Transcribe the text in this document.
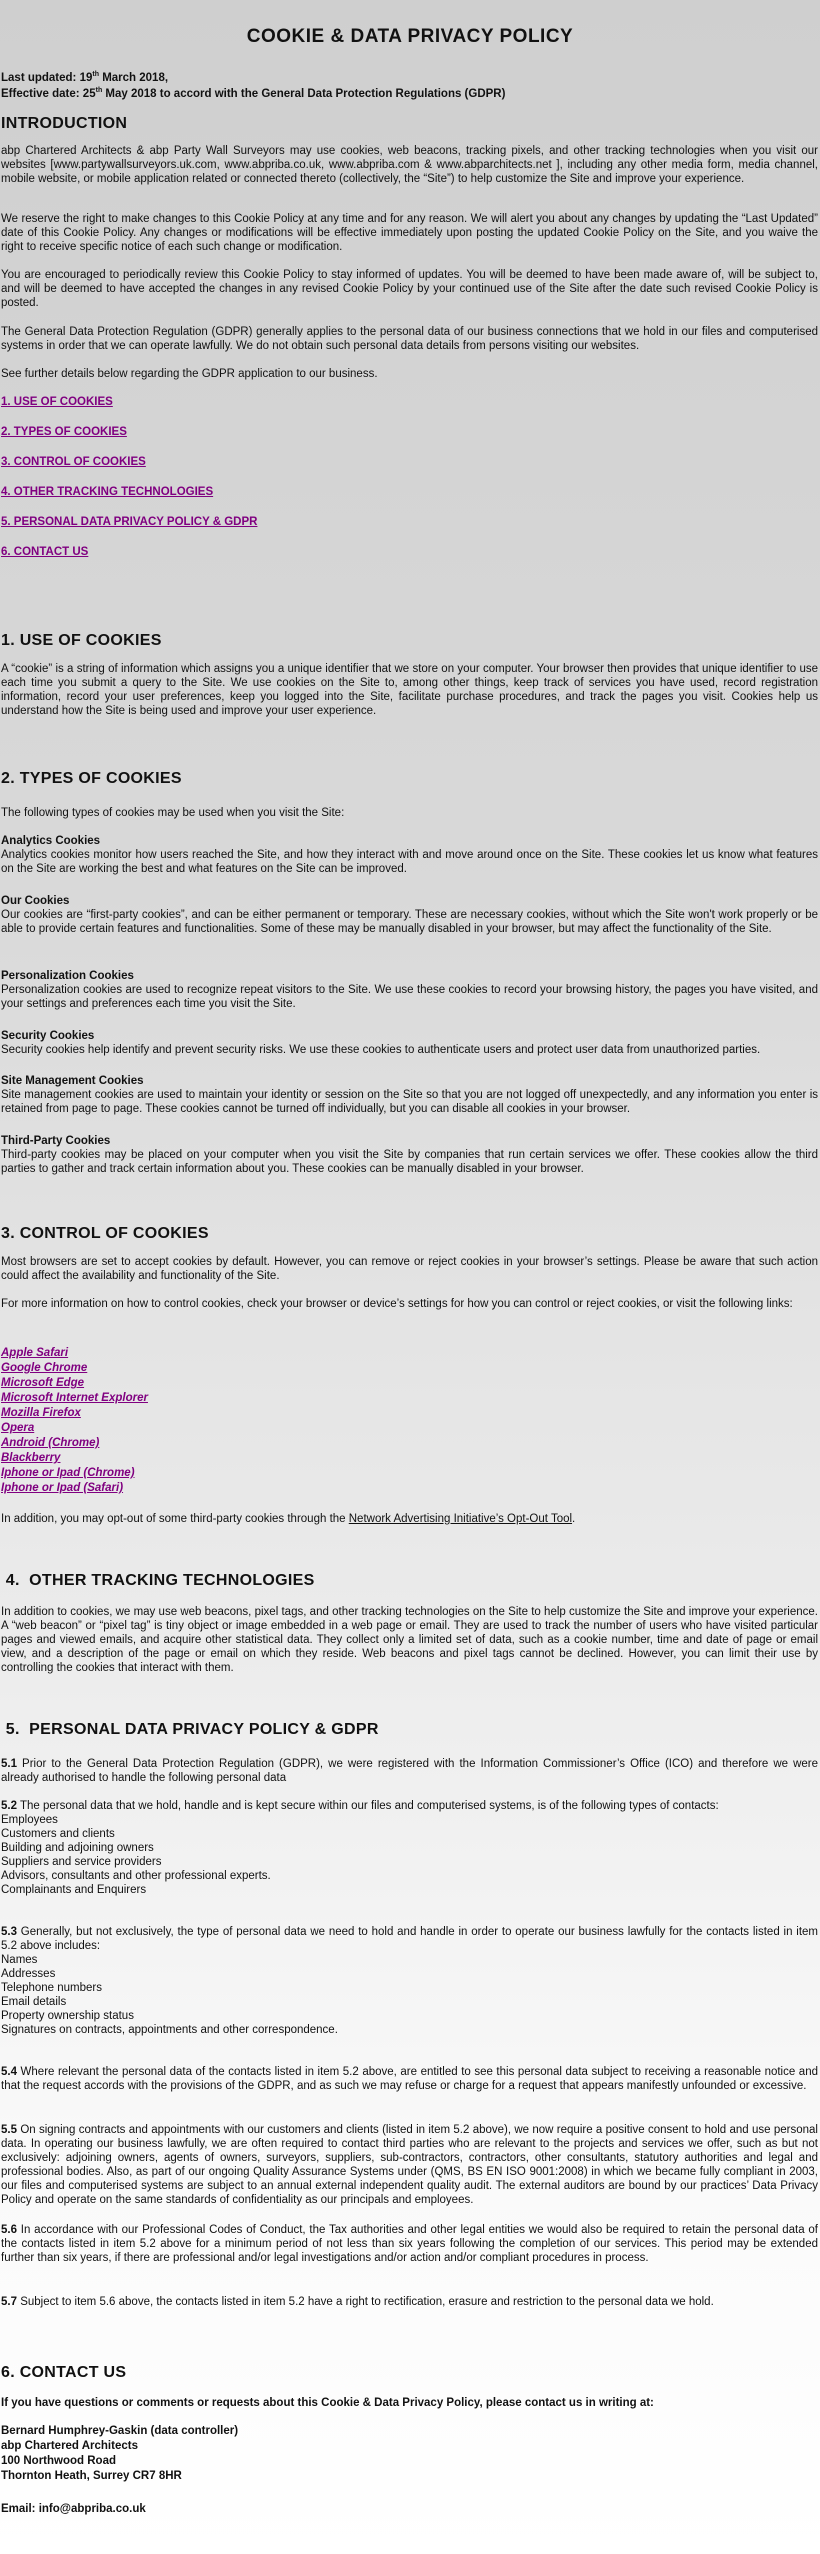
COOKIE & DATA PRIVACY POLICY
Last updated: 19th March 2018,
Effective date: 25th May 2018 to accord with the General Data Protection Regulations (GDPR)
INTRODUCTION

abp Chartered Architects & abp Party Wall Surveyors may use cookies, web beacons, tracking pixels, and other tracking technologies when you visit our websites [www.partywallsurveyors.uk.com, www.abpriba.co.uk, www.abpriba.com & www.abparchitects.net ], including any other media form, media channel, mobile website, or mobile application related or connected thereto (collectively, the “Site”) to help customize the Site and improve your experience.

We reserve the right to make changes to this Cookie Policy at any time and for any reason. We will alert you about any changes by updating the “Last Updated” date of this Cookie Policy. Any changes or modifications will be effective immediately upon posting the updated Cookie Policy on the Site, and you waive the right to receive specific notice of each such change or modification.

You are encouraged to periodically review this Cookie Policy to stay informed of updates. You will be deemed to have been made aware of, will be subject to, and will be deemed to have accepted the changes in any revised Cookie Policy by your continued use of the Site after the date such revised Cookie Policy is posted.

The General Data Protection Regulation (GDPR) generally applies to the personal data of our business connections that we hold in our files and computerised systems in order that we can operate lawfully. We do not obtain such personal data details from persons visiting our websites.

See further details below regarding the GDPR application to our business.

1. USE OF COOKIES
2. TYPES OF COOKIES
3. CONTROL OF COOKIES
4. OTHER TRACKING TECHNOLOGIES
5. PERSONAL DATA PRIVACY POLICY & GDPR
6. CONTACT US
1. USE OF COOKIES

A “cookie” is a string of information which assigns you a unique identifier that we store on your computer. Your browser then provides that unique identifier to use each time you submit a query to the Site. We use cookies on the Site to, among other things, keep track of services you have used, record registration information, record your user preferences, keep you logged into the Site, facilitate purchase procedures, and track the pages you visit. Cookies help us understand how the Site is being used and improve your user experience.

2. TYPES OF COOKIES

The following types of cookies may be used when you visit the Site:

Analytics Cookies

Analytics cookies monitor how users reached the Site, and how they interact with and move around once on the Site. These cookies let us know what features on the Site are working the best and what features on the Site can be improved.

Our Cookies

Our cookies are “first-party cookies”, and can be either permanent or temporary. These are necessary cookies, without which the Site won't work properly or be able to provide certain features and functionalities. Some of these may be manually disabled in your browser, but may affect the functionality of the Site.

Personalization Cookies

Personalization cookies are used to recognize repeat visitors to the Site. We use these cookies to record your browsing history, the pages you have visited, and your settings and preferences each time you visit the Site.

Security Cookies

Security cookies help identify and prevent security risks. We use these cookies to authenticate users and protect user data from unauthorized parties.

Site Management Cookies

Site management cookies are used to maintain your identity or session on the Site so that you are not logged off unexpectedly, and any information you enter is retained from page to page. These cookies cannot be turned off individually, but you can disable all cookies in your browser.

Third-Party Cookies

Third-party cookies may be placed on your computer when you visit the Site by companies that run certain services we offer. These cookies allow the third parties to gather and track certain information about you. These cookies can be manually disabled in your browser.

3. CONTROL OF COOKIES

Most browsers are set to accept cookies by default. However, you can remove or reject cookies in your browser’s settings. Please be aware that such action could affect the availability and functionality of the Site.

For more information on how to control cookies, check your browser or device’s settings for how you can control or reject cookies, or visit the following links:

Apple Safari
Google Chrome
Microsoft Edge
Microsoft Internet Explorer
Mozilla Firefox
Opera
Android (Chrome)
Blackberry
Iphone or Ipad (Chrome)
Iphone or Ipad (Safari)

In addition, you may opt-out of some third-party cookies through the Network Advertising Initiative’s Opt-Out Tool.

4.  OTHER TRACKING TECHNOLOGIES

In addition to cookies, we may use web beacons, pixel tags, and other tracking technologies on the Site to help customize the Site and improve your experience. A “web beacon” or “pixel tag” is tiny object or image embedded in a web page or email. They are used to track the number of users who have visited particular pages and viewed emails, and acquire other statistical data. They collect only a limited set of data, such as a cookie number, time and date of page or email view, and a description of the page or email on which they reside. Web beacons and pixel tags cannot be declined. However, you can limit their use by controlling the cookies that interact with them.

5.  PERSONAL DATA PRIVACY POLICY & GDPR

5.1 Prior to the General Data Protection Regulation (GDPR), we were registered with the Information Commissioner’s Office (ICO) and therefore we were already authorised to handle the following personal data

5.2 The personal data that we hold, handle and is kept secure within our files and computerised systems, is of the following types of contacts:

Employees
Customers and clients
Building and adjoining owners
Suppliers and service providers
Advisors, consultants and other professional experts.
Complainants and Enquirers

5.3 Generally, but not exclusively, the type of personal data we need to hold and handle in order to operate our business lawfully for the contacts listed in item 5.2 above includes:

Names
Addresses
Telephone numbers
Email details
Property ownership status
Signatures on contracts, appointments and other correspondence.

5.4 Where relevant the personal data of the contacts listed in item 5.2 above, are entitled to see this personal data subject to receiving a reasonable notice and that the request accords with the provisions of the GDPR, and as such we may refuse or charge for a request that appears manifestly unfounded or excessive.

5.5 On signing contracts and appointments with our customers and clients (listed in item 5.2 above), we now require a positive consent to hold and use personal data. In operating our business lawfully, we are often required to contact third parties who are relevant to the projects and services we offer, such as but not exclusively: adjoining owners, agents of owners, surveyors, suppliers, sub-contractors, contractors, other consultants, statutory authorities and legal and professional bodies. Also, as part of our ongoing Quality Assurance Systems under (QMS, BS EN ISO 9001:2008) in which we became fully compliant in 2003, our files and computerised systems are subject to an annual external independent quality audit. The external auditors are bound by our practices’ Data Privacy Policy and operate on the same standards of confidentiality as our principals and employees.

5.6 In accordance with our Professional Codes of Conduct, the Tax authorities and other legal entities we would also be required to retain the personal data of the contacts listed in item 5.2 above for a minimum period of not less than six years following the completion of our services. This period may be extended further than six years, if there are professional and/or legal investigations and/or action and/or compliant procedures in process.

5.7 Subject to item 5.6 above, the contacts listed in item 5.2 have a right to rectification, erasure and restriction to the personal data we hold.

6. CONTACT US

If you have questions or comments or requests about this Cookie & Data Privacy Policy, please contact us in writing at:

Bernard Humphrey-Gaskin (data controller)
abp Chartered Architects
100 Northwood Road
Thornton Heath, Surrey CR7 8HR
Email: info@abpriba.co.uk
